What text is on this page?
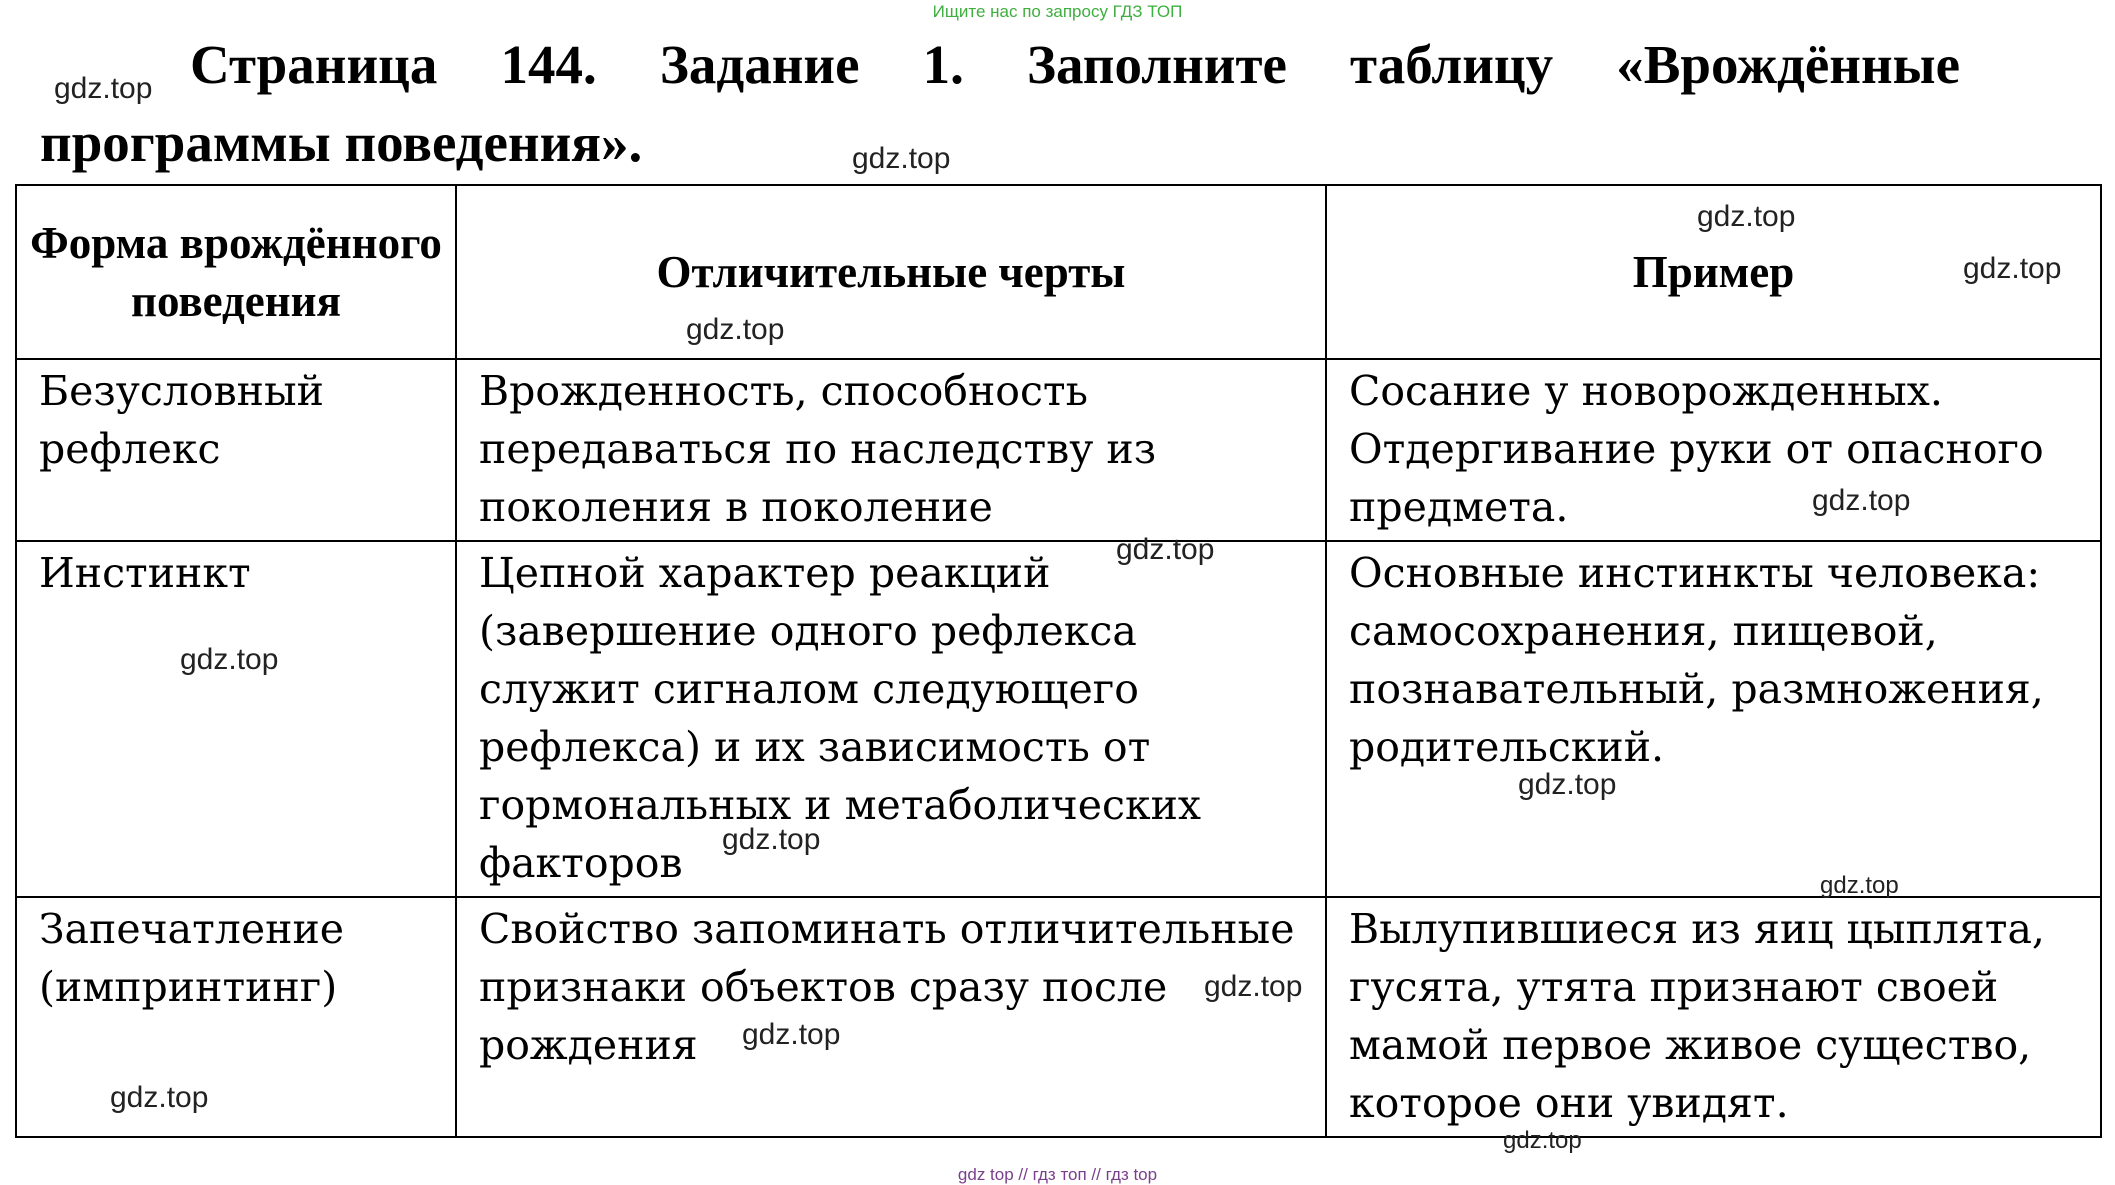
Ищите нас по запросу ГДЗ ТОП

Страница 144. Задание 1. Заполните таблицу «Врождённые программы поведения».

Форма врождённого поведения	Отличительные черты	Пример
Безусловный рефлекс	Врожденность, способность передаваться по наследству из поколения в поколение	Сосание у новорожденных. Отдергивание руки от опасного предмета.
Инстинкт	Цепной характер реакций (завершение одного рефлекса служит сигналом следующего рефлекса) и их зависимость от гормональных и метаболических факторов	Основные инстинкты человека: самосохранения, пищевой, познавательный, размножения, родительский.
Запечатление (импринтинг)	Свойство запоминать отличительные признаки объектов сразу после рождения	Вылупившиеся из яиц цыплята, гусята, утята признают своей мамой первое живое существо, которое они увидят.
gdz.top
gdz.top
gdz.top
gdz.top
gdz.top
gdz.top
gdz.top
gdz.top
gdz.top
gdz.top
gdz.top
gdz.top
gdz.top
gdz.top
gdz.top
gdz top // гдз топ // гдз top
